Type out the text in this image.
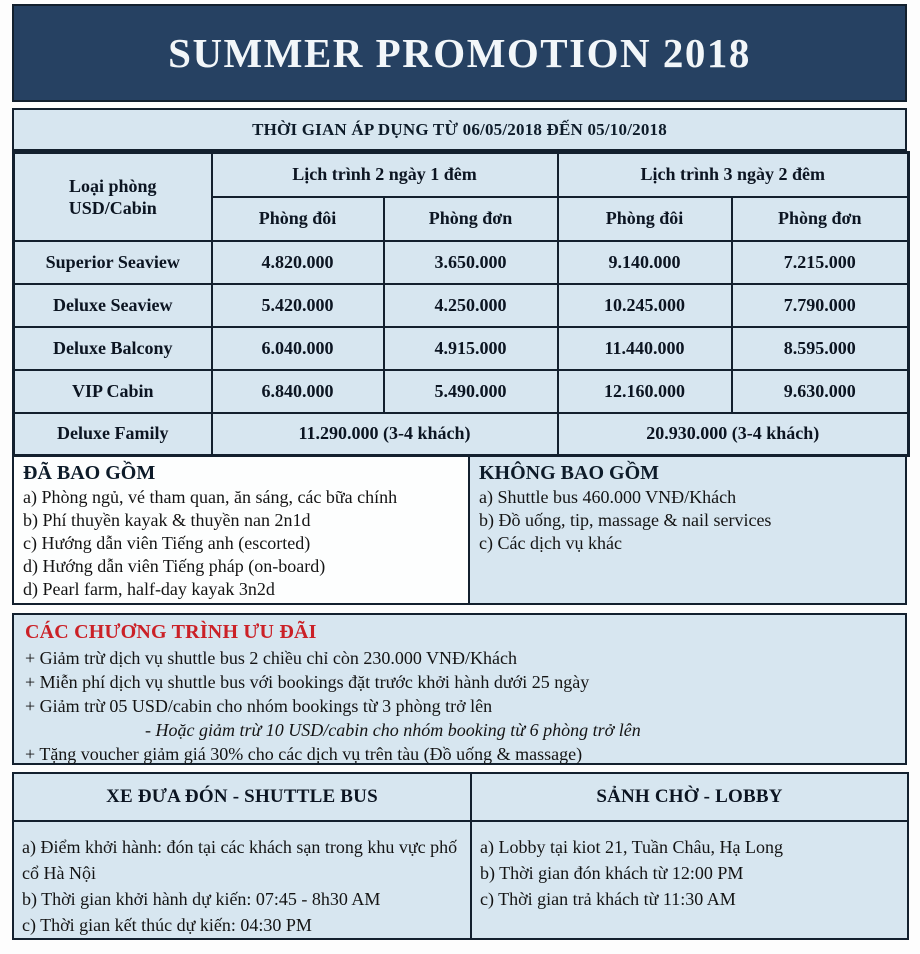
SUMMER PROMOTION 2018
THỜI GIAN ÁP DỤNG TỪ 06/05/2018 ĐẾN 05/10/2018
Loại phòng
USD/Cabin	Lịch trình 2 ngày 1 đêm		Lịch trình 3 ngày 2 đêm	
	Phòng đôi	Phòng đơn	Phòng đôi	Phòng đơn
Superior Seaview	4.820.000	3.650.000	9.140.000	7.215.000
Deluxe Seaview	5.420.000	4.250.000	10.245.000	7.790.000
Deluxe Balcony	6.040.000	4.915.000	11.440.000	8.595.000
VIP Cabin	6.840.000	5.490.000	12.160.000	9.630.000
Deluxe Family	11.290.000 (3-4 khách)		20.930.000 (3-4 khách)	
ĐÃ BAO GỒM
a) Phòng ngủ, vé tham quan, ăn sáng, các bữa chính
b) Phí thuyền kayak & thuyền nan 2n1d
c) Hướng dẫn viên Tiếng anh (escorted)
d) Hướng dẫn viên Tiếng pháp (on-board)
d) Pearl farm, half-day kayak 3n2d
KHÔNG BAO GỒM
a) Shuttle bus 460.000 VNĐ/Khách
b) Đồ uống, tip, massage & nail services
c) Các dịch vụ khác
CÁC CHƯƠNG TRÌNH ƯU ĐÃI
+ Giảm trừ dịch vụ shuttle bus 2 chiều chỉ còn 230.000 VNĐ/Khách
+ Miễn phí dịch vụ shuttle bus với bookings đặt trước khởi hành dưới 25 ngày
+ Giảm trừ 05 USD/cabin cho nhóm bookings từ 3 phòng trở lên
- Hoặc giảm trừ 10 USD/cabin cho nhóm booking từ 6 phòng trở lên
+ Tặng voucher giảm giá 30% cho các dịch vụ trên tàu (Đồ uống & massage)
XE ĐƯA ĐÓN - SHUTTLE BUS	SẢNH CHỜ - LOBBY

a) Điểm khởi hành: đón tại các khách sạn trong khu vực phố cổ Hà Nội
b) Thời gian khởi hành dự kiến: 07:45 - 8h30 AM
c) Thời gian kết thúc dự kiến: 04:30 PM

a) Lobby tại kiot 21, Tuần Châu, Hạ Long
b) Thời gian đón khách từ 12:00 PM
c) Thời gian trả khách từ 11:30 AM
